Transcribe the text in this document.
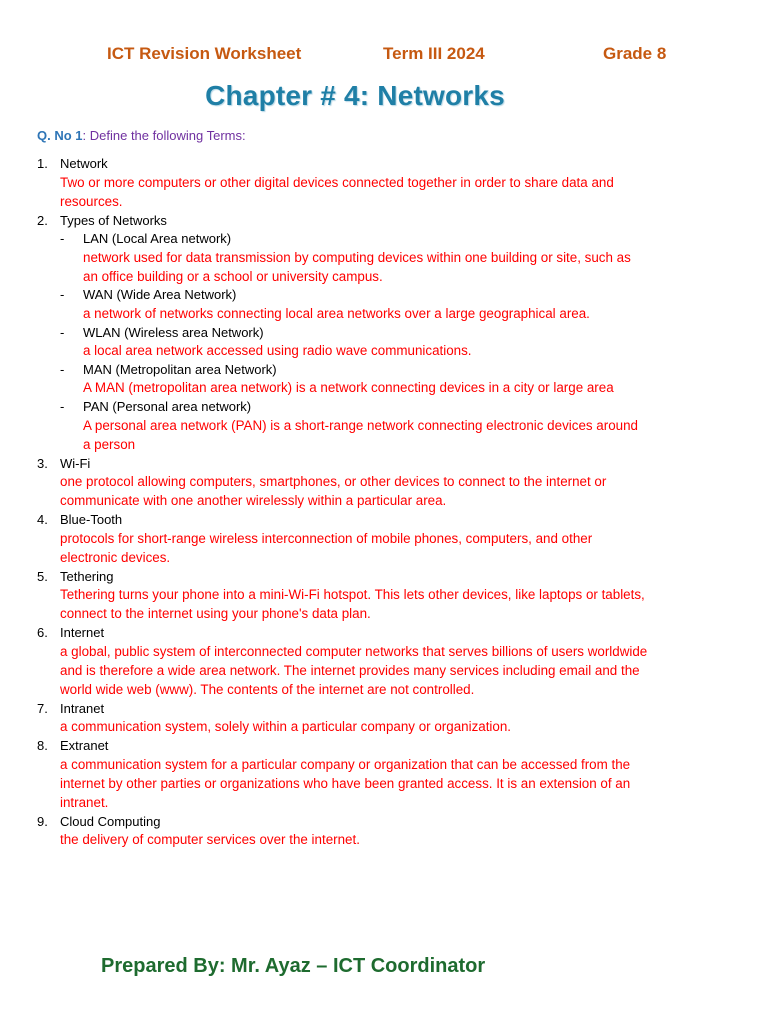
ICT Revision Worksheet	Term III 2024	Grade 8
Chapter # 4: Networks
Q. No 1: Define the following Terms:
1. Network
Two or more computers or other digital devices connected together in order to share data and resources.
2. Types of Networks
- LAN (Local Area network)
network used for data transmission by computing devices within one building or site, such as an office building or a school or university campus.
- WAN (Wide Area Network)
a network of networks connecting local area networks over a large geographical area.
- WLAN (Wireless area Network)
a local area network accessed using radio wave communications.
- MAN (Metropolitan area Network)
A MAN (metropolitan area network) is a network connecting devices in a city or large area
- PAN (Personal area network)
A personal area network (PAN) is a short-range network connecting electronic devices around a person
3. Wi-Fi
one protocol allowing computers, smartphones, or other devices to connect to the internet or communicate with one another wirelessly within a particular area.
4. Blue-Tooth
protocols for short-range wireless interconnection of mobile phones, computers, and other electronic devices.
5. Tethering
Tethering turns your phone into a mini-Wi-Fi hotspot. This lets other devices, like laptops or tablets, connect to the internet using your phone's data plan.
6. Internet
a global, public system of interconnected computer networks that serves billions of users worldwide and is therefore a wide area network. The internet provides many services including email and the world wide web (www). The contents of the internet are not controlled.
7. Intranet
a communication system, solely within a particular company or organization.
8. Extranet
a communication system for a particular company or organization that can be accessed from the internet by other parties or organizations who have been granted access. It is an extension of an intranet.
9. Cloud Computing
the delivery of computer services over the internet.
Prepared By: Mr. Ayaz – ICT Coordinator
